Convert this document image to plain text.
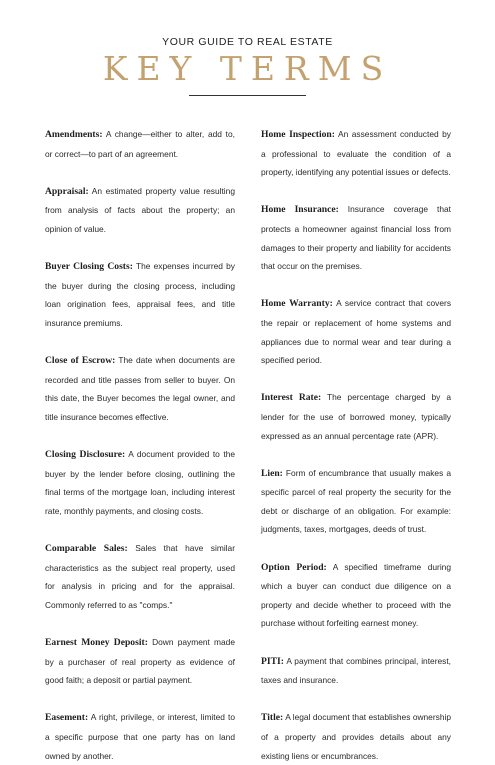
YOUR GUIDE TO REAL ESTATE
KEY TERMS

Amendments: A change—either to alter, add to, or correct—to part of an agreement.

Appraisal: An estimated property value resulting from analysis of facts about the property; an opinion of value.

Buyer Closing Costs: The expenses incurred by the buyer during the closing process, including loan origination fees, appraisal fees, and title insurance premiums.

Close of Escrow: The date when documents are recorded and title passes from seller to buyer. On this date, the Buyer becomes the legal owner, and title insurance becomes effective.

Closing Disclosure: A document provided to the buyer by the lender before closing, outlining the final terms of the mortgage loan, including interest rate, monthly payments, and closing costs.

Comparable Sales: Sales that have similar characteristics as the subject real property, used for analysis in pricing and for the appraisal. Commonly referred to as "comps."

Earnest Money Deposit: Down payment made by a purchaser of real property as evidence of good faith; a deposit or partial payment.

Easement: A right, privilege, or interest, limited to a specific purpose that one party has on land owned by another.

Home Inspection: An assessment conducted by a professional to evaluate the condition of a property, identifying any potential issues or defects.

Home Insurance: Insurance coverage that protects a homeowner against financial loss from damages to their property and liability for accidents that occur on the premises.

Home Warranty: A service contract that covers the repair or replacement of home systems and appliances due to normal wear and tear during a specified period.

Interest Rate: The percentage charged by a lender for the use of borrowed money, typically expressed as an annual percentage rate (APR).

Lien: Form of encumbrance that usually makes a specific parcel of real property the security for the debt or discharge of an obligation. For example: judgments, taxes, mortgages, deeds of trust.

Option Period: A specified timeframe during which a buyer can conduct due diligence on a property and decide whether to proceed with the purchase without forfeiting earnest money.

PITI: A payment that combines principal, interest, taxes and insurance.

Title: A legal document that establishes ownership of a property and provides details about any existing liens or encumbrances.
